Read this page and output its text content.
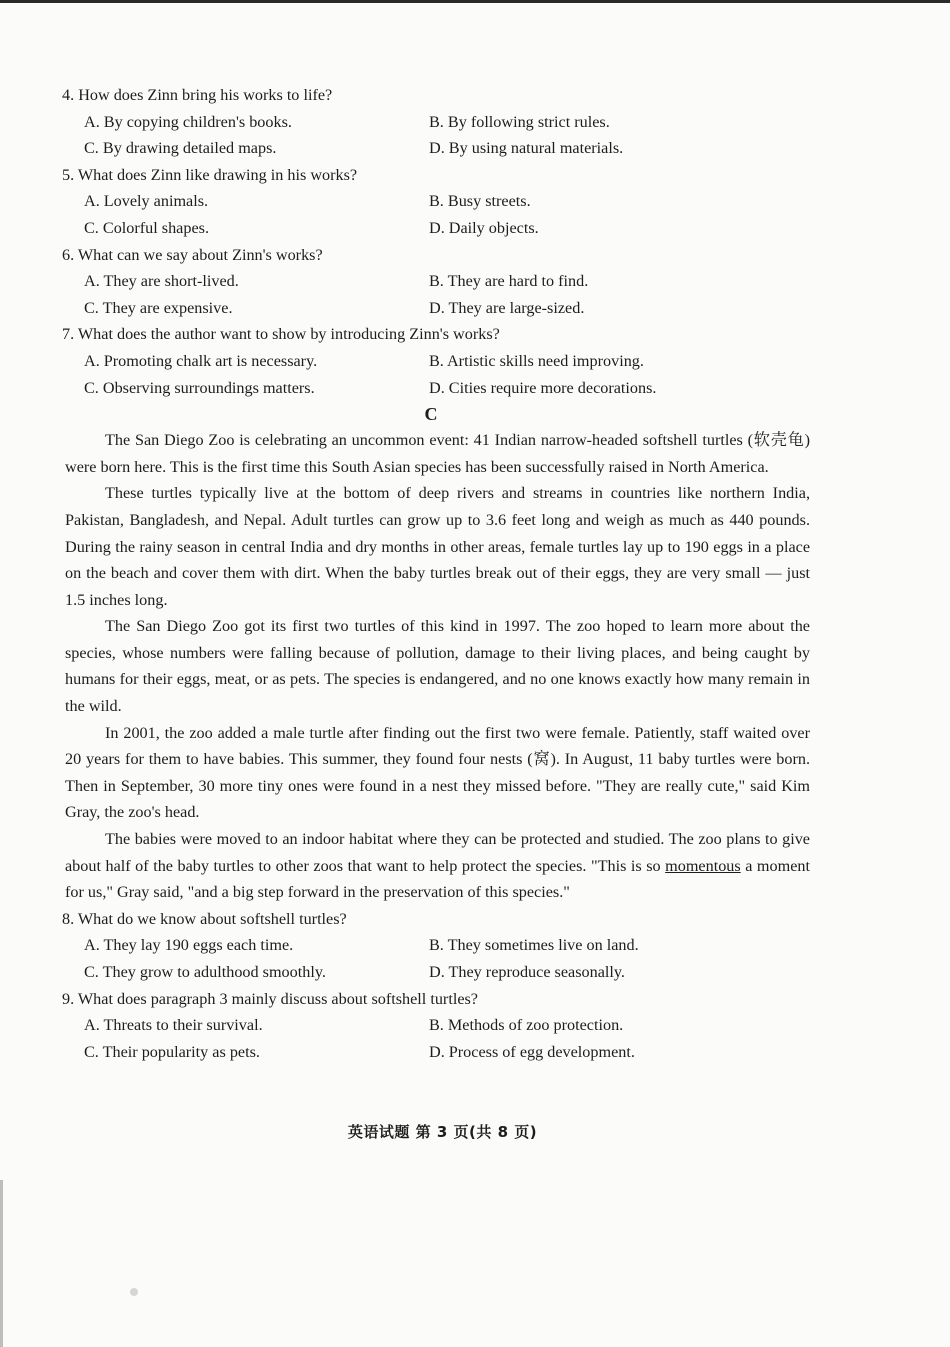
4. How does Zinn bring his works to life?
A. By copying children's books.	B. By following strict rules.
C. By drawing detailed maps.	D. By using natural materials.
5. What does Zinn like drawing in his works?
A. Lovely animals.	B. Busy streets.
C. Colorful shapes.	D. Daily objects.
6. What can we say about Zinn's works?
A. They are short-lived.	B. They are hard to find.
C. They are expensive.	D. They are large-sized.
7. What does the author want to show by introducing Zinn's works?
A. Promoting chalk art is necessary.	B. Artistic skills need improving.
C. Observing surroundings matters.	D. Cities require more decorations.
C

The San Diego Zoo is celebrating an uncommon event: 41 Indian narrow-headed softshell turtles (软壳龟) were born here. This is the first time this South Asian species has been successfully raised in North America.

These turtles typically live at the bottom of deep rivers and streams in countries like northern India, Pakistan, Bangladesh, and Nepal. Adult turtles can grow up to 3.6 feet long and weigh as much as 440 pounds. During the rainy season in central India and dry months in other areas, female turtles lay up to 190 eggs in a place on the beach and cover them with dirt. When the baby turtles break out of their eggs, they are very small — just 1.5 inches long.

The San Diego Zoo got its first two turtles of this kind in 1997. The zoo hoped to learn more about the species, whose numbers were falling because of pollution, damage to their living places, and being caught by humans for their eggs, meat, or as pets. The species is endangered, and no one knows exactly how many remain in the wild.

In 2001, the zoo added a male turtle after finding out the first two were female. Patiently, staff waited over 20 years for them to have babies. This summer, they found four nests (窝). In August, 11 baby turtles were born. Then in September, 30 more tiny ones were found in a nest they missed before. "They are really cute," said Kim Gray, the zoo's head.

The babies were moved to an indoor habitat where they can be protected and studied. The zoo plans to give about half of the baby turtles to other zoos that want to help protect the species. "This is so momentous a moment for us," Gray said, "and a big step forward in the preservation of this species."

8. What do we know about softshell turtles?
A. They lay 190 eggs each time.	B. They sometimes live on land.
C. They grow to adulthood smoothly.	D. They reproduce seasonally.
9. What does paragraph 3 mainly discuss about softshell turtles?
A. Threats to their survival.	B. Methods of zoo protection.
C. Their popularity as pets.	D. Process of egg development.
英语试题 第 3 页(共 8 页)
